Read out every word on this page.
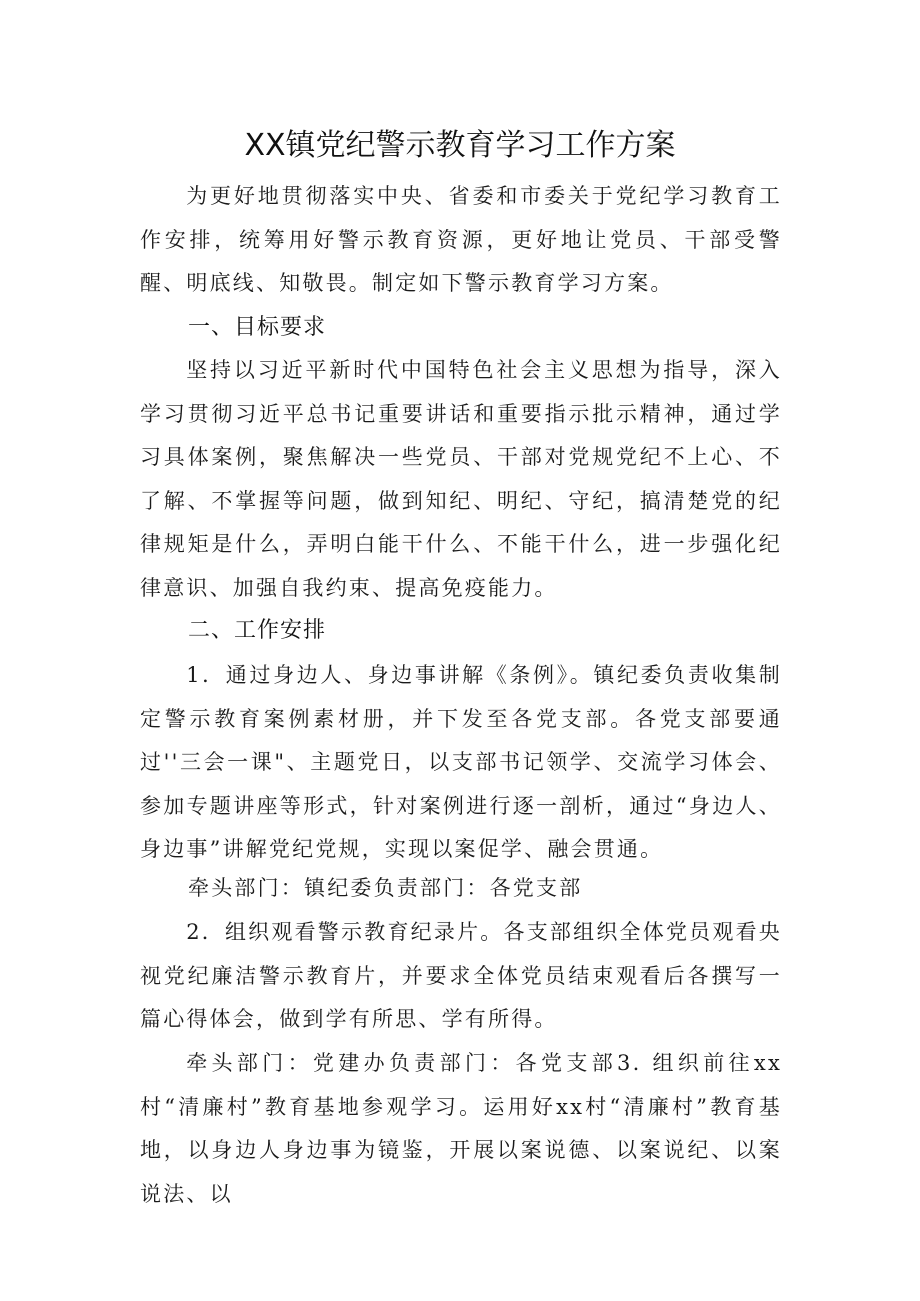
XX镇党纪警示教育学习工作方案

为更好地贯彻落实中央、省委和市委关于党纪学习教育工作安排，统筹用好警示教育资源，更好地让党员、干部受警醒、明底线、知敬畏。制定如下警示教育学习方案。

一、目标要求

坚持以习近平新时代中国特色社会主义思想为指导，深入学习贯彻习近平总书记重要讲话和重要指示批示精神，通过学习具体案例，聚焦解决一些党员、干部对党规党纪不上心、不了解、不掌握等问题，做到知纪、明纪、守纪，搞清楚党的纪律规矩是什么，弄明白能干什么、不能干什么，进一步强化纪律意识、加强自我约束、提高免疫能力。

二、工作安排

1．通过身边人、身边事讲解《条例》。镇纪委负责收集制定警示教育案例素材册，并下发至各党支部。各党支部要通过''三会一课"、主题党日，以支部书记领学、交流学习体会、参加专题讲座等形式，针对案例进行逐一剖析，通过“身边人、身边事”讲解党纪党规，实现以案促学、融会贯通。

牵头部门：镇纪委负责部门：各党支部

2．组织观看警示教育纪录片。各支部组织全体党员观看央视党纪廉洁警示教育片，并要求全体党员结束观看后各撰写一篇心得体会，做到学有所思、学有所得。

牵头部门：党建办负责部门：各党支部3. 组织前往xx村“清廉村”教育基地参观学习。运用好xx村“清廉村”教育基地，以身边人身边事为镜鉴，开展以案说德、以案说纪、以案说法、以
